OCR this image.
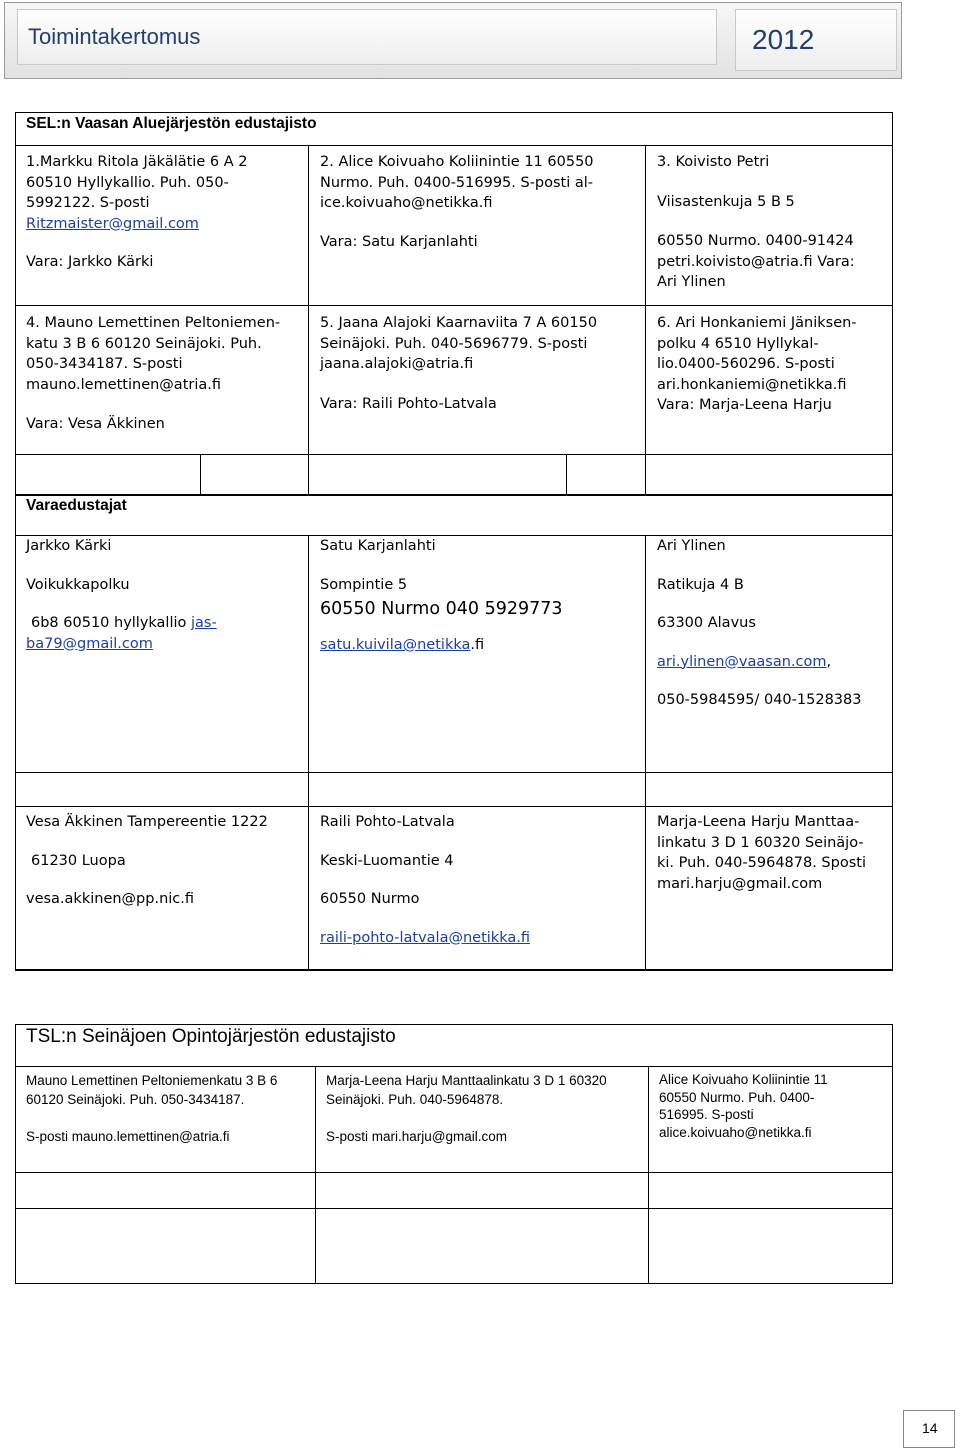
Toimintakertomus	2012
SEL:n Vaasan Aluejärjestön edustajisto
1.Markku Ritola Jäkälätie 6 A 2
60510 Hyllykallio. Puh. 050-
5992122. S-posti
Ritzmaister@gmail.com
Vara: Jarkko Kärki
2. Alice Koivuaho Koliinintie 11 60550
Nurmo. Puh. 0400-516995. S-posti al-
ice.koivuaho@netikka.fi
Vara: Satu Karjanlahti
3. Koivisto Petri
Viisastenkuja 5 B 5
60550 Nurmo. 0400-91424
petri.koivisto@atria.fi Vara:
Ari Ylinen
4. Mauno Lemettinen Peltoniemen-
katu 3 B 6 60120 Seinäjoki. Puh.
050-3434187. S-posti
mauno.lemettinen@atria.fi
Vara: Vesa Äkkinen
5. Jaana Alajoki Kaarnaviita 7 A 60150
Seinäjoki. Puh. 040-5696779. S-posti
jaana.alajoki@atria.fi
Vara: Raili Pohto-Latvala
6. Ari Honkaniemi Jäniksen-
polku 4 6510 Hyllykal-
lio.0400-560296. S-posti
ari.honkaniemi@netikka.fi
Vara: Marja-Leena Harju
Varaedustajat
Jarkko Kärki
Voikukkapolku
6b8 60510 hyllykallio jas-
ba79@gmail.com
Satu Karjanlahti
Sompintie 5
60550 Nurmo 040 5929773
satu.kuivila@netikka.fi
Ari Ylinen
Ratikuja 4 B
63300 Alavus
ari.ylinen@vaasan.com,
050-5984595/ 040-1528383
Vesa Äkkinen Tampereentie 1222
61230 Luopa
vesa.akkinen@pp.nic.fi
Raili Pohto-Latvala
Keski-Luomantie 4
60550 Nurmo
raili-pohto-latvala@netikka.fi
Marja-Leena Harju Manttaa-
linkatu 3 D 1 60320 Seinäjo-
ki. Puh. 040-5964878. Sposti
mari.harju@gmail.com
TSL:n Seinäjoen Opintojärjestön edustajisto
Mauno Lemettinen Peltoniemenkatu 3 B 6
60120 Seinäjoki. Puh. 050-3434187.
S-posti mauno.lemettinen@atria.fi
Marja-Leena Harju Manttaalinkatu 3 D 1 60320
Seinäjoki. Puh. 040-5964878.
S-posti mari.harju@gmail.com
Alice Koivuaho Koliinintie 11
60550 Nurmo. Puh. 0400-
516995. S-posti
alice.koivuaho@netikka.fi
14
